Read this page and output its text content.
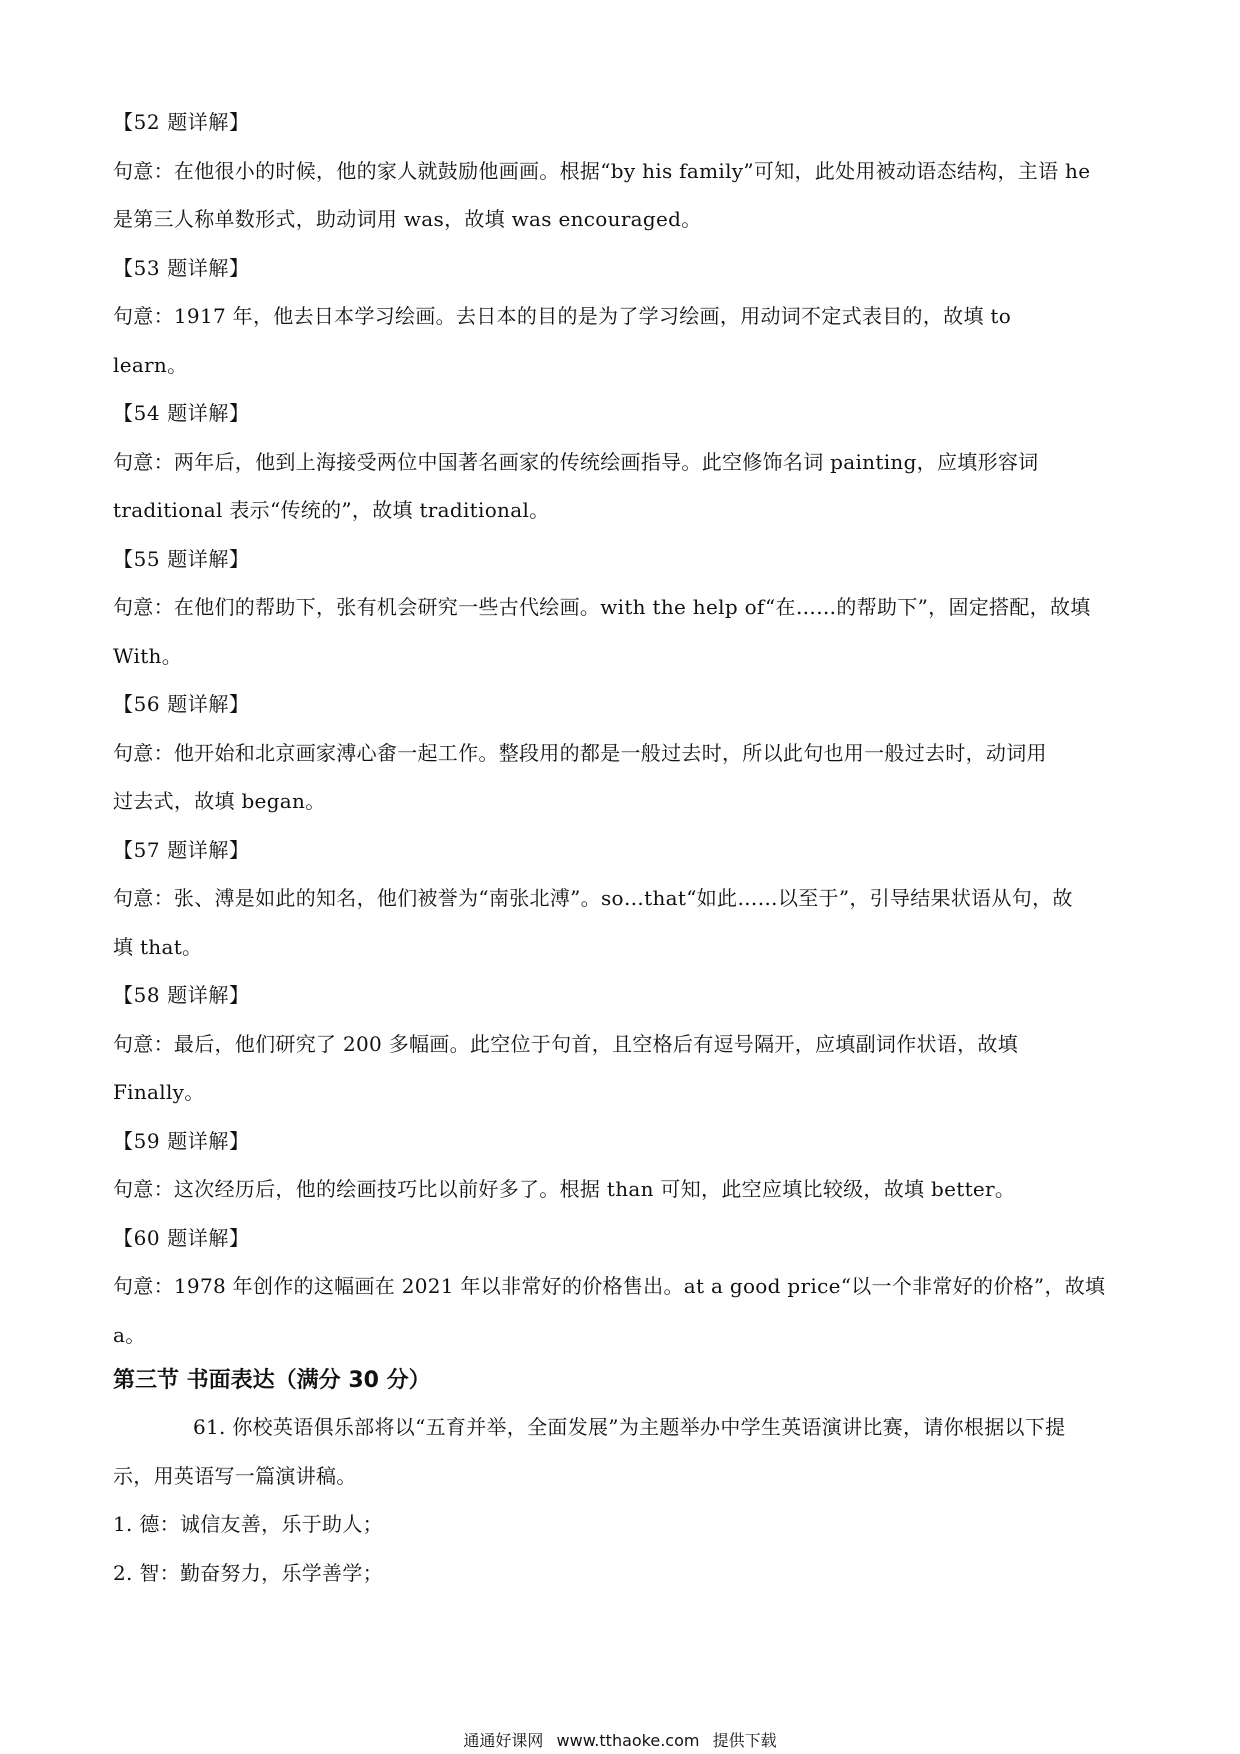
【52 题详解】
句意：在他很小的时候，他的家人就鼓励他画画。根据“by his family”可知，此处用被动语态结构，主语 he
是第三人称单数形式，助动词用 was，故填 was encouraged。
【53 题详解】
句意：1917 年，他去日本学习绘画。去日本的目的是为了学习绘画，用动词不定式表目的，故填 to
learn。
【54 题详解】
句意：两年后，他到上海接受两位中国著名画家的传统绘画指导。此空修饰名词 painting，应填形容词
traditional 表示“传统的”，故填 traditional。
【55 题详解】
句意：在他们的帮助下，张有机会研究一些古代绘画。with the help of“在……的帮助下”，固定搭配，故填
With。
【56 题详解】
句意：他开始和北京画家溥心畬一起工作。整段用的都是一般过去时，所以此句也用一般过去时，动词用
过去式，故填 began。
【57 题详解】
句意：张、溥是如此的知名，他们被誉为“南张北溥”。so…that“如此……以至于”，引导结果状语从句，故
填 that。
【58 题详解】
句意：最后，他们研究了 200 多幅画。此空位于句首，且空格后有逗号隔开，应填副词作状语，故填
Finally。
【59 题详解】
句意：这次经历后，他的绘画技巧比以前好多了。根据 than 可知，此空应填比较级，故填 better。
【60 题详解】
句意：1978 年创作的这幅画在 2021 年以非常好的价格售出。at a good price“以一个非常好的价格”，故填
a。
第三节 书面表达（满分 30 分）
61. 你校英语俱乐部将以“五育并举，全面发展”为主题举办中学生英语演讲比赛，请你根据以下提
示，用英语写一篇演讲稿。
1. 德：诚信友善，乐于助人；
2. 智：勤奋努力，乐学善学；
通通好课网 www.tthaoke.com 提供下载
